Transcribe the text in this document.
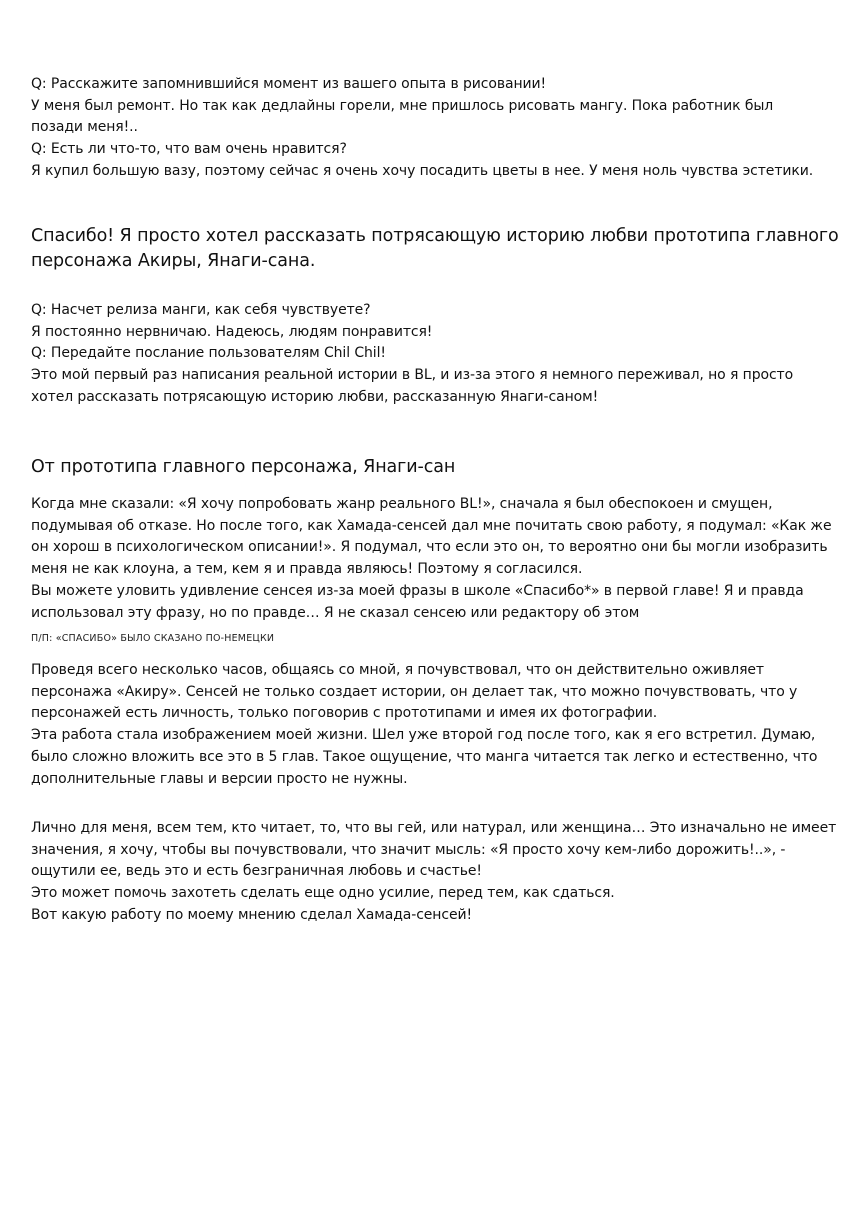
Q: Расскажите запомнившийся момент из вашего опыта в рисовании!
У меня был ремонт. Но так как дедлайны горели, мне пришлось рисовать мангу. Пока работник был
позади меня!..
Q: Есть ли что-то, что вам очень нравится?
Я купил большую вазу, поэтому сейчас я очень хочу посадить цветы в нее. У меня ноль чувства эстетики.
Спасибо! Я просто хотел рассказать потрясающую историю любви прототипа главного
персонажа Акиры, Янаги-сана.
Q: Насчет релиза манги, как себя чувствуете?
Я постоянно нервничаю. Надеюсь, людям понравится!
Q: Передайте послание пользователям Chil Chil!
Это мой первый раз написания реальной истории в BL, и из-за этого я немного переживал, но я просто
хотел рассказать потрясающую историю любви, рассказанную Янаги-саном!
От прототипа главного персонажа, Янаги-сан
Когда мне сказали: «Я хочу попробовать жанр реального BL!», сначала я был обеспокоен и смущен,
подумывая об отказе. Но после того, как Хамада-сенсей дал мне почитать свою работу, я подумал: «Как же
он хорош в психологическом описании!». Я подумал, что если это он, то вероятно они бы могли изобразить
меня не как клоуна, а тем, кем я и правда являюсь! Поэтому я согласился.
Вы можете уловить удивление сенсея из-за моей фразы в школе «Спасибо*» в первой главе! Я и правда
использовал эту фразу, но по правде… Я не сказал сенсею или редактору об этом
П/П: «СПАСИБО» БЫЛО СКАЗАНО ПО-НЕМЕЦКИ
Проведя всего несколько часов, общаясь со мной, я почувствовал, что он действительно оживляет
персонажа «Акиру». Сенсей не только создает истории, он делает так, что можно почувствовать, что у
персонажей есть личность, только поговорив с прототипами и имея их фотографии.
Эта работа стала изображением моей жизни. Шел уже второй год после того, как я его встретил. Думаю,
было сложно вложить все это в 5 глав. Такое ощущение, что манга читается так легко и естественно, что
дополнительные главы и версии просто не нужны.
Лично для меня, всем тем, кто читает, то, что вы гей, или натурал, или женщина… Это изначально не имеет
значения, я хочу, чтобы вы почувствовали, что значит мысль: «Я просто хочу кем-либо дорожить!..», -
ощутили ее, ведь это и есть безграничная любовь и счастье!
Это может помочь захотеть сделать еще одно усилие, перед тем, как сдаться.
Вот какую работу по моему мнению сделал Хамада-сенсей!
